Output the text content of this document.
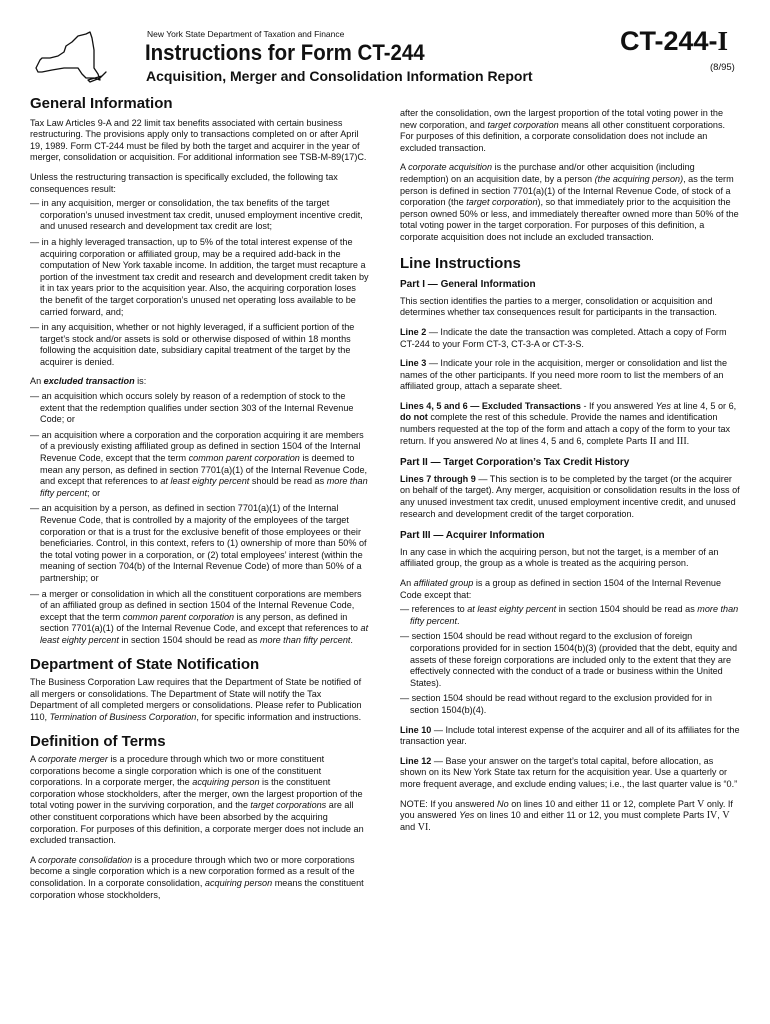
New York State Department of Taxation and Finance
Instructions for Form CT-244
Acquisition, Merger and Consolidation Information Report
CT-244-I
(8/95)
General Information

Tax Law Articles 9-A and 22 limit tax benefits associated with certain business restructuring. The provisions apply only to transactions completed on or after April 19, 1989. Form CT-244 must be filed by both the target and acquirer in the year of merger, consolidation or acquisition. For additional information see TSB-M-89(17)C.

Unless the restructuring transaction is specifically excluded, the following tax consequences result:

— in any acquisition, merger or consolidation, the tax benefits of the target corporation’s unused investment tax credit, unused employment incentive credit, and unused research and development tax credit are lost;
— in a highly leveraged transaction, up to 5% of the total interest expense of the acquiring corporation or affiliated group, may be a required add-back in the computation of New York taxable income. In addition, the target must recapture a portion of the investment tax credit and research and development credit taken by it in tax years prior to the acquisition year. Also, the acquiring corporation loses the benefit of the target corporation’s unused net operating loss available to be carried forward, and;
— in any acquisition, whether or not highly leveraged, if a sufficient portion of the target’s stock and/or assets is sold or otherwise disposed of within 18 months following the acquisition date, subsidiary capital treatment of the target by the acquirer is denied.

An excluded transaction is:

— an acquisition which occurs solely by reason of a redemption of stock to the extent that the redemption qualifies under section 303 of the Internal Revenue Code; or
— an acquisition where a corporation and the corporation acquiring it are members of a previously existing affiliated group as defined in section 1504 of the Internal Revenue Code, except that the term common parent corporation is deemed to mean any person, as defined in section 7701(a)(1) of the Internal Revenue Code, and except that references to at least eighty percent should be read as more than fifty percent; or
— an acquisition by a person, as defined in section 7701(a)(1) of the Internal Revenue Code, that is controlled by a majority of the employees of the target corporation or that is a trust for the exclusive benefit of those employees or their beneficiaries. Control, in this context, refers to (1) ownership of more than 50% of the total voting power in a corporation, or (2) total employees’ interest (within the meaning of section 704(b) of the Internal Revenue Code) of more than 50% of a partnership; or
— a merger or consolidation in which all the constituent corporations are members of an affiliated group as defined in section 1504 of the Internal Revenue Code, except that the term common parent corporation is any person, as defined in section 7701(a)(1) of the Internal Revenue Code, and except that references to at least eighty percent in section 1504 should be read as more than fifty percent.
Department of State Notification

The Business Corporation Law requires that the Department of State be notified of all mergers or consolidations. The Department of State will notify the Tax Department of all completed mergers or consolidations. Please refer to Publication 110, Termination of Business Corporation, for specific information and instructions.

Definition of Terms

A corporate merger is a procedure through which two or more constituent corporations become a single corporation which is one of the constituent corporations. In a corporate merger, the acquiring person is the constituent corporation whose stockholders, after the merger, own the largest proportion of the total voting power in the surviving corporation, and the target corporations are all other constituent corporations which have been absorbed by the acquiring corporation. For purposes of this definition, a corporate merger does not include an excluded transaction.

A corporate consolidation is a procedure through which two or more corporations become a single corporation which is a new corporation formed as a result of the consolidation. In a corporate consolidation, acquiring person means the constituent corporation whose stockholders,

after the consolidation, own the largest proportion of the total voting power in the new corporation, and target corporation means all other constituent corporations. For purposes of this definition, a corporate consolidation does not include an excluded transaction.

A corporate acquisition is the purchase and/or other acquisition (including redemption) on an acquisition date, by a person (the acquiring person), as the term person is defined in section 7701(a)(1) of the Internal Revenue Code, of stock of a corporation (the target corporation), so that immediately prior to the acquisition the person owned 50% or less, and immediately thereafter owned more than 50% of the total voting power in the target corporation. For purposes of this definition, a corporate acquisition does not include an excluded transaction.

Line Instructions
Part I — General Information

This section identifies the parties to a merger, consolidation or acquisition and determines whether tax consequences result for participants in the transaction.

Line 2 — Indicate the date the transaction was completed. Attach a copy of Form CT-244 to your Form CT-3, CT-3-A or CT-3-S.

Line 3 — Indicate your role in the acquisition, merger or consolidation and list the names of the other participants. If you need more room to list the members of an affiliated group, attach a separate sheet.

Lines 4, 5 and 6 — Excluded Transactions - If you answered Yes at line 4, 5 or 6, do not complete the rest of this schedule. Provide the names and identification numbers requested at the top of the form and attach a copy of the form to your tax return. If you answered No at lines 4, 5 and 6, complete Parts II and III.

Part II — Target Corporation’s Tax Credit History

Lines 7 through 9 — This section is to be completed by the target (or the acquirer on behalf of the target). Any merger, acquisition or consolidation results in the loss of any unused investment tax credit, unused employment incentive credit, and unused research and development credit of the target corporation.

Part III — Acquirer Information

In any case in which the acquiring person, but not the target, is a member of an affiliated group, the group as a whole is treated as the acquiring person.

An affiliated group is a group as defined in section 1504 of the Internal Revenue Code except that:

— references to at least eighty percent in section 1504 should be read as more than fifty percent.
— section 1504 should be read without regard to the exclusion of foreign corporations provided for in section 1504(b)(3) (provided that the debt, equity and assets of these foreign corporations are included only to the extent that they are effectively connected with the conduct of a trade or business within the United States).
— section 1504 should be read without regard to the exclusion provided for in section 1504(b)(4).

Line 10 — Include total interest expense of the acquirer and all of its affiliates for the transaction year.

Line 12 — Base your answer on the target’s total capital, before allocation, as shown on its New York State tax return for the acquisition year. Use a quarterly or more frequent average, and exclude ending values; i.e., the last quarter value is “0.”

NOTE: If you answered No on lines 10 and either 11 or 12, complete Part V only. If you answered Yes on lines 10 and either 11 or 12, you must complete Parts IV, V and VI.
